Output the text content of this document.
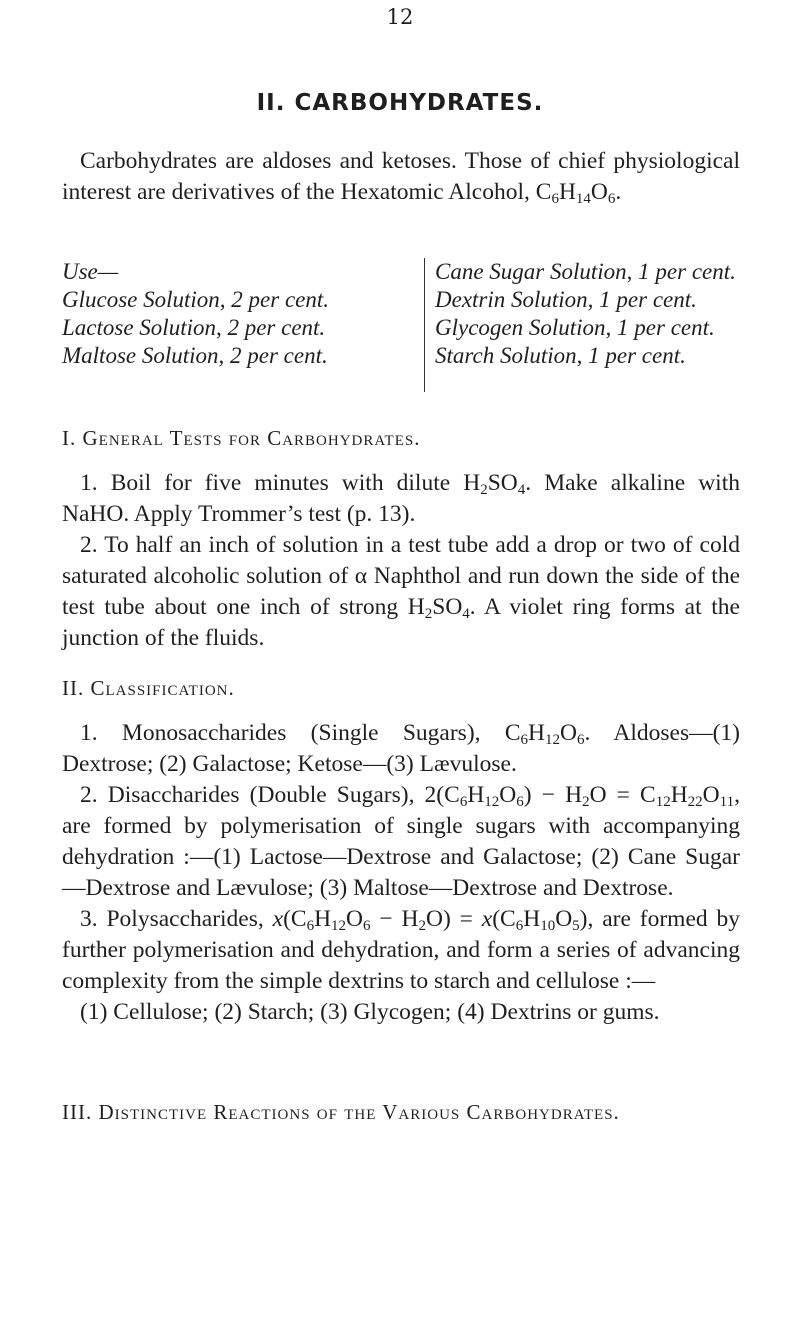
12
II. CARBOHYDRATES.

Carbohydrates are aldoses and ketoses. Those of chief physiological interest are derivatives of the Hexatomic Alcohol, $C_6H_{14}O_6$.

Use—
Glucose Solution, 2 per cent.
Lactose Solution, 2 per cent.
Maltose Solution, 2 per cent.
Cane Sugar Solution, 1 per cent.
Dextrin Solution, 1 per cent.
Glycogen Solution, 1 per cent.
Starch Solution, 1 per cent.
I. General Tests for Carbohydrates.

1. Boil for five minutes with dilute $H_2SO_4$. Make alkaline with NaHO. Apply Trommer’s test (p. 13).

2. To half an inch of solution in a test tube add a drop or two of cold saturated alcoholic solution of α Naphthol and run down the side of the test tube about one inch of strong $H_2SO_4$. A violet ring forms at the junction of the fluids.

II. Classification.

1. Monosaccharides (Single Sugars), $C_6H_{12}O_6$. Aldoses—(1) Dextrose; (2) Galactose; Ketose—(3) Lævulose.

2. Disaccharides (Double Sugars), $2(C_6H_{12}O_6) - H_2O = C_{12}H_{22}O_{11}$, are formed by polymerisation of single sugars with accompanying dehydration :—(1) Lactose—Dextrose and Galactose; (2) Cane Sugar—Dextrose and Lævulose; (3) Maltose—Dextrose and Dextrose.

3. Polysaccharides, $x(C_6H_{12}O_6 - H_2O) = x(C_6H_{10}O_5)$, are formed by further polymerisation and dehydration, and form a series of advancing complexity from the simple dextrins to starch and cellulose :—

(1) Cellulose; (2) Starch; (3) Glycogen; (4) Dextrins or gums.

III. Distinctive Reactions of the Various Carbohydrates.
